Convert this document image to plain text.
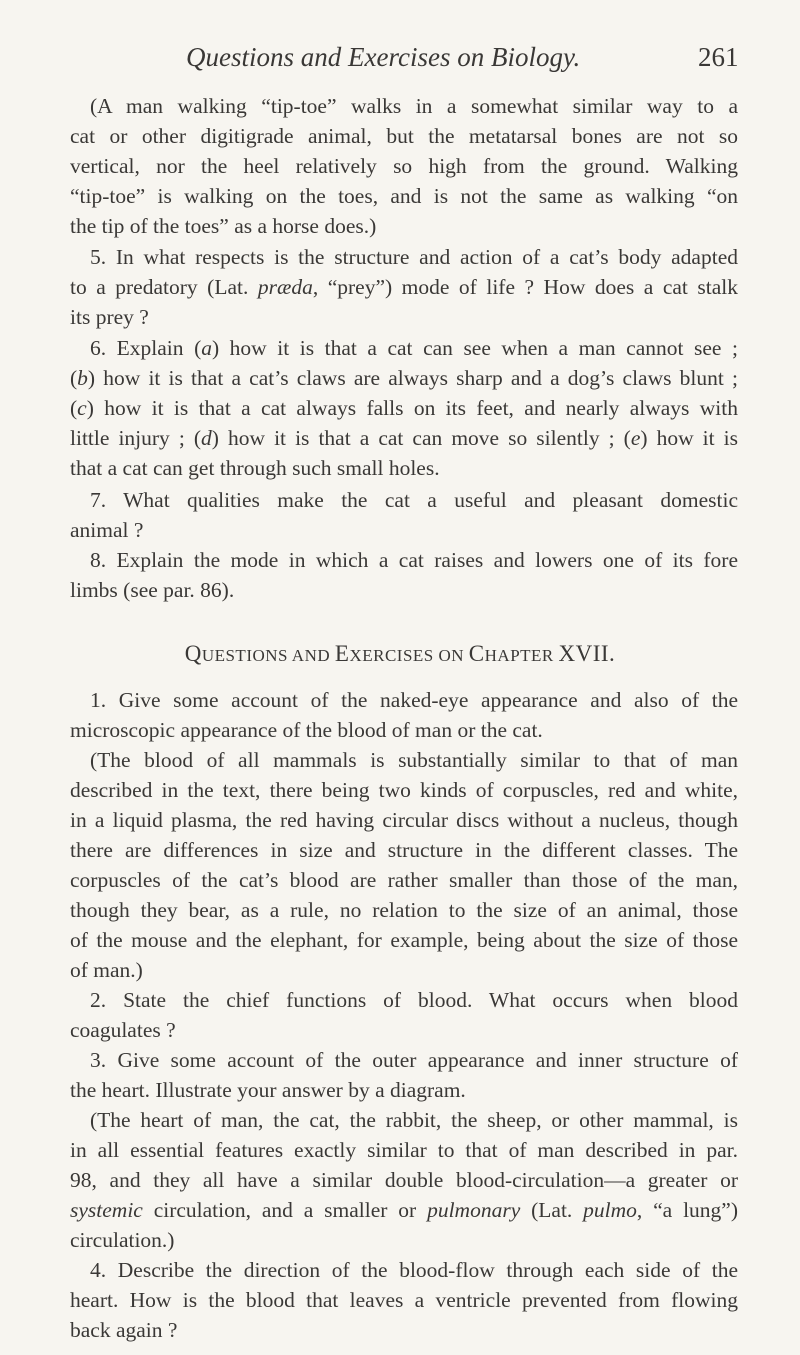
Questions and Exercises on Biology.	261
(A man walking “tip-toe” walks in a somewhat similar way to a
cat or other digitigrade animal, but the metatarsal bones are not so
vertical, nor the heel relatively so high from the ground. Walking
“tip-toe” is walking on the toes, and is not the same as walking “on
the tip of the toes” as a horse does.)
5. In what respects is the structure and action of a cat’s body adapted
to a predatory (Lat. præda, “prey”) mode of life ? How does a cat stalk
its prey ?
6. Explain (a) how it is that a cat can see when a man cannot see ;
(b) how it is that a cat’s claws are always sharp and a dog’s claws blunt ;
(c) how it is that a cat always falls on its feet, and nearly always with
little injury ; (d) how it is that a cat can move so silently ; (e) how it is
that a cat can get through such small holes.
7. What qualities make the cat a useful and pleasant domestic
animal ?
8. Explain the mode in which a cat raises and lowers one of its fore
limbs (see par. 86).
QUESTIONS AND EXERCISES ON CHAPTER XVII.
1. Give some account of the naked-eye appearance and also of the
microscopic appearance of the blood of man or the cat.
(The blood of all mammals is substantially similar to that of man
described in the text, there being two kinds of corpuscles, red and white,
in a liquid plasma, the red having circular discs without a nucleus, though
there are differences in size and structure in the different classes. The
corpuscles of the cat’s blood are rather smaller than those of the man,
though they bear, as a rule, no relation to the size of an animal, those
of the mouse and the elephant, for example, being about the size of those
of man.)
2. State the chief functions of blood. What occurs when blood
coagulates ?
3. Give some account of the outer appearance and inner structure of
the heart. Illustrate your answer by a diagram.
(The heart of man, the cat, the rabbit, the sheep, or other mammal, is
in all essential features exactly similar to that of man described in par.
98, and they all have a similar double blood-circulation—a greater or
systemic circulation, and a smaller or pulmonary (Lat. pulmo, “a lung”)
circulation.)
4. Describe the direction of the blood-flow through each side of the
heart. How is the blood that leaves a ventricle prevented from flowing
back again ?
